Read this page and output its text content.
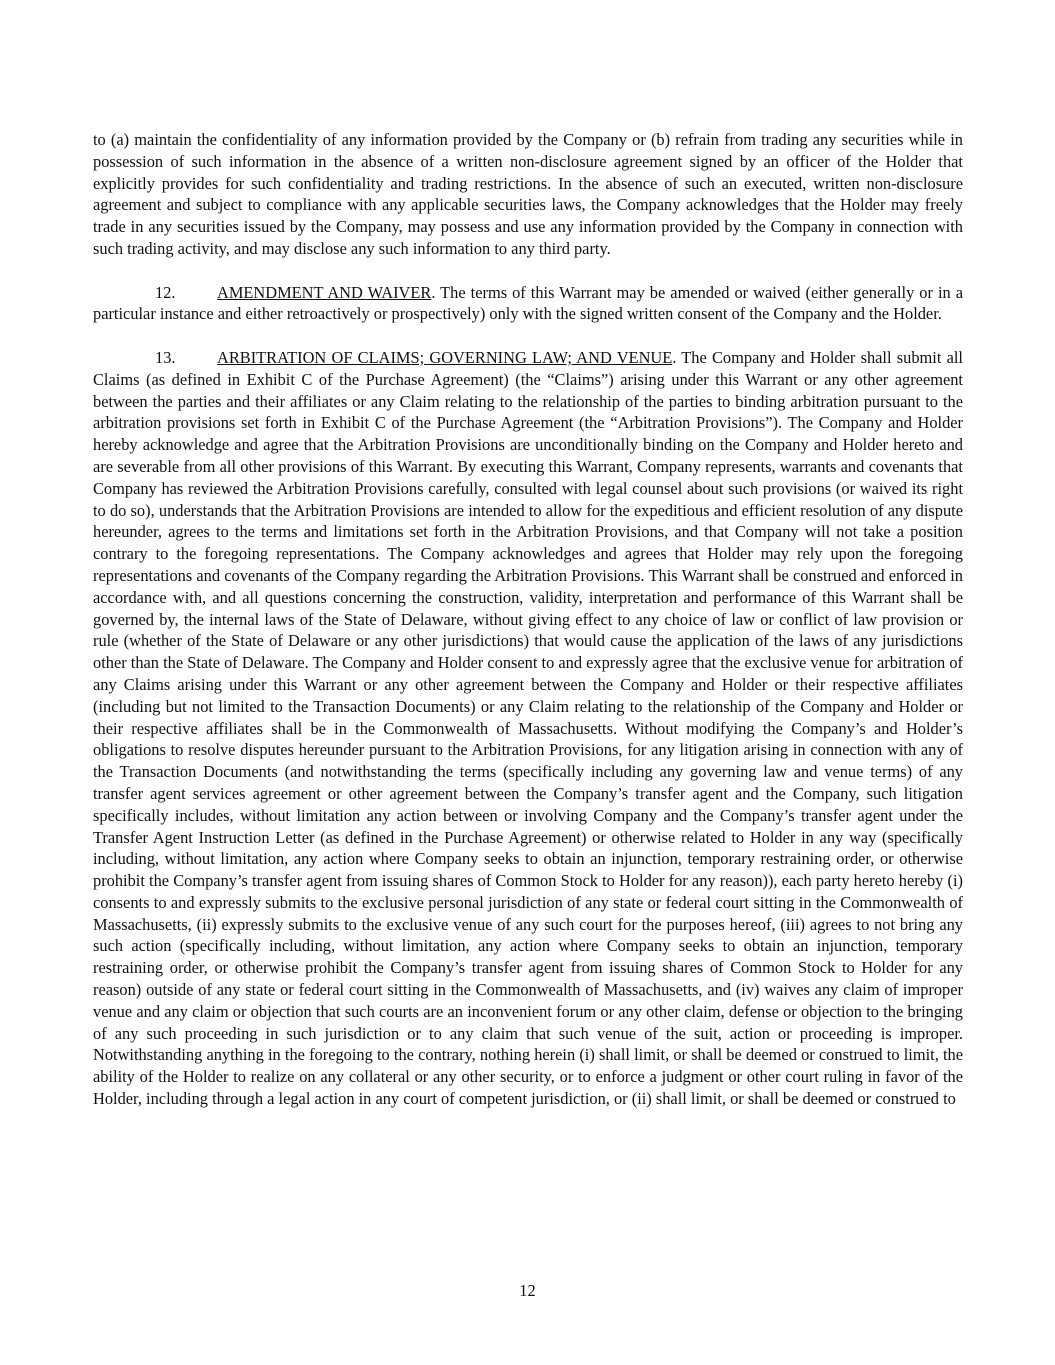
to (a) maintain the confidentiality of any information provided by the Company or (b) refrain from trading any securities while in possession of such information in the absence of a written non-disclosure agreement signed by an officer of the Holder that explicitly provides for such confidentiality and trading restrictions. In the absence of such an executed, written non-disclosure agreement and subject to compliance with any applicable securities laws, the Company acknowledges that the Holder may freely trade in any securities issued by the Company, may possess and use any information provided by the Company in connection with such trading activity, and may disclose any such information to any third party.

12.	AMENDMENT AND WAIVER. The terms of this Warrant may be amended or waived (either generally or in a particular instance and either retroactively or prospectively) only with the signed written consent of the Company and the Holder.

13.	ARBITRATION OF CLAIMS; GOVERNING LAW; AND VENUE. The Company and Holder shall submit all Claims (as defined in Exhibit C of the Purchase Agreement) (the “Claims”) arising under this Warrant or any other agreement between the parties and their affiliates or any Claim relating to the relationship of the parties to binding arbitration pursuant to the arbitration provisions set forth in Exhibit C of the Purchase Agreement (the “Arbitration Provisions”). The Company and Holder hereby acknowledge and agree that the Arbitration Provisions are unconditionally binding on the Company and Holder hereto and are severable from all other provisions of this Warrant. By executing this Warrant, Company represents, warrants and covenants that Company has reviewed the Arbitration Provisions carefully, consulted with legal counsel about such provisions (or waived its right to do so), understands that the Arbitration Provisions are intended to allow for the expeditious and efficient resolution of any dispute hereunder, agrees to the terms and limitations set forth in the Arbitration Provisions, and that Company will not take a position contrary to the foregoing representations. The Company acknowledges and agrees that Holder may rely upon the foregoing representations and covenants of the Company regarding the Arbitration Provisions. This Warrant shall be construed and enforced in accordance with, and all questions concerning the construction, validity, interpretation and performance of this Warrant shall be governed by, the internal laws of the State of Delaware, without giving effect to any choice of law or conflict of law provision or rule (whether of the State of Delaware or any other jurisdictions) that would cause the application of the laws of any jurisdictions other than the State of Delaware. The Company and Holder consent to and expressly agree that the exclusive venue for arbitration of any Claims arising under this Warrant or any other agreement between the Company and Holder or their respective affiliates (including but not limited to the Transaction Documents) or any Claim relating to the relationship of the Company and Holder or their respective affiliates shall be in the Commonwealth of Massachusetts. Without modifying the Company’s and Holder’s obligations to resolve disputes hereunder pursuant to the Arbitration Provisions, for any litigation arising in connection with any of the Transaction Documents (and notwithstanding the terms (specifically including any governing law and venue terms) of any transfer agent services agreement or other agreement between the Company’s transfer agent and the Company, such litigation specifically includes, without limitation any action between or involving Company and the Company’s transfer agent under the Transfer Agent Instruction Letter (as defined in the Purchase Agreement) or otherwise related to Holder in any way (specifically including, without limitation, any action where Company seeks to obtain an injunction, temporary restraining order, or otherwise prohibit the Company’s transfer agent from issuing shares of Common Stock to Holder for any reason)), each party hereto hereby (i) consents to and expressly submits to the exclusive personal jurisdiction of any state or federal court sitting in the Commonwealth of Massachusetts, (ii) expressly submits to the exclusive venue of any such court for the purposes hereof, (iii) agrees to not bring any such action (specifically including, without limitation, any action where Company seeks to obtain an injunction, temporary restraining order, or otherwise prohibit the Company’s transfer agent from issuing shares of Common Stock to Holder for any reason) outside of any state or federal court sitting in the Commonwealth of Massachusetts, and (iv) waives any claim of improper venue and any claim or objection that such courts are an inconvenient forum or any other claim, defense or objection to the bringing of any such proceeding in such jurisdiction or to any claim that such venue of the suit, action or proceeding is improper. Notwithstanding anything in the foregoing to the contrary, nothing herein (i) shall limit, or shall be deemed or construed to limit, the ability of the Holder to realize on any collateral or any other security, or to enforce a judgment or other court ruling in favor of the Holder, including through a legal action in any court of competent jurisdiction, or (ii) shall limit, or shall be deemed or construed to

12
